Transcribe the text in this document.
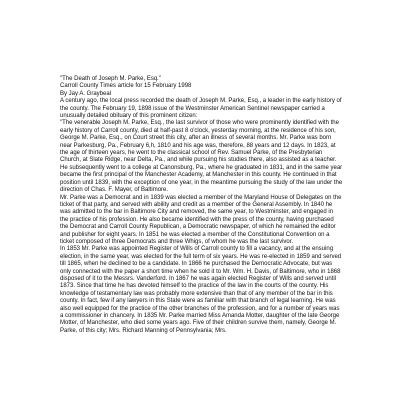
"The Death of Joseph M. Parke, Esq."

Carroll County Times article for 15 February 1998

By Jay A. Graybeal

A century ago, the local press recorded the death of Joseph M. Parke, Esq., a leader in the early history of the county. The February 19, 1898 issue of the Westminster American Sentinel newspaper carried a unusually detailed obituary of this prominent citizen:

"The venerable Joseph M. Parke, Esq., the last survivor of those who were prominently identified with the early history of Carroll county, died at half-past 8 o'clock, yesterday morning, at the residence of his son, George M. Parke, Esq., on Court street this city, after an illness of several months. Mr. Parke was born near Parkesburg, Pa., February 6,h, 1810 and his age was, therefore, 88 years and 12 days. In 1823, at the age of thirteen years, he went to the classical school of Rev. Samuel Parke, of the Presbyterian Church, at Slate Ridge, near Delta, Pa., and while pursuing his studies there, also assisted as a teacher. He subsequently went to a college at Canonsburg, Pa., where he graduated in 1831, and in the same year became the first principal of the Manchester Academy, at Manchester in this county. He continued in that position until 1839, with the exception of one year, in the meantime pursuing the study of the law under the direction of Chas. F. Mayer, of Baltimore.

Mr. Parke was a Democrat and in 1839 was elected a member of the Maryland House of Delegates on the ticket of that party, and served with ability and credit as a member of the General Assembly. In 1840 he was admitted to the bar in Baltimore City and removed, the same year, to Westminster, and engaged in the practice of his profession. He also became identified with the press of the county, having purchased the Democrat and Carroll County Republican, a Democratic newspaper, of which he remained the editor and publisher for eight years. In 1851 he was elected a member of the Constitutional Convention on a ticket composed of three Democrats and three Whigs, of whom he was the last survivor.

In 1853 Mr. Parke was appointed Register of Wills of Carroll county to fill a vacancy, and at the ensuing election, in the same year, was elected for the full term of six years. He was re-elected in 1859 and served till 1865, when he declined to be a candidate. In 1866 he purchased the Democratic Advocate, but was only connected with the paper a short time when he sold it to Mr. Wm. H. Davis, of Baltimore, who in 1868 disposed of it to the Messrs. Vanderford. In 1867 he was again elected Register of Wills and served until 1873. Since that time he has devoted himself to the practice of the law in the courts of the county. His knowledge of testamentary law was probably more extensive than that of any member of the bar in this county. In fact, few if any lawyers in this State were as familiar with that branch of legal learning. He was also well equipped for the practice of the other branches of the profession, and for a number of years was a commissioner in chancery. In 1835 Mr. Parke married Miss Amanda Motter, daughter of the late George Motter, of Manchester, who died some years ago. Five of their children survive them, namely, George M. Parke, of this city; Mrs. Richard Manning of Pennsylvania; Mrs.
